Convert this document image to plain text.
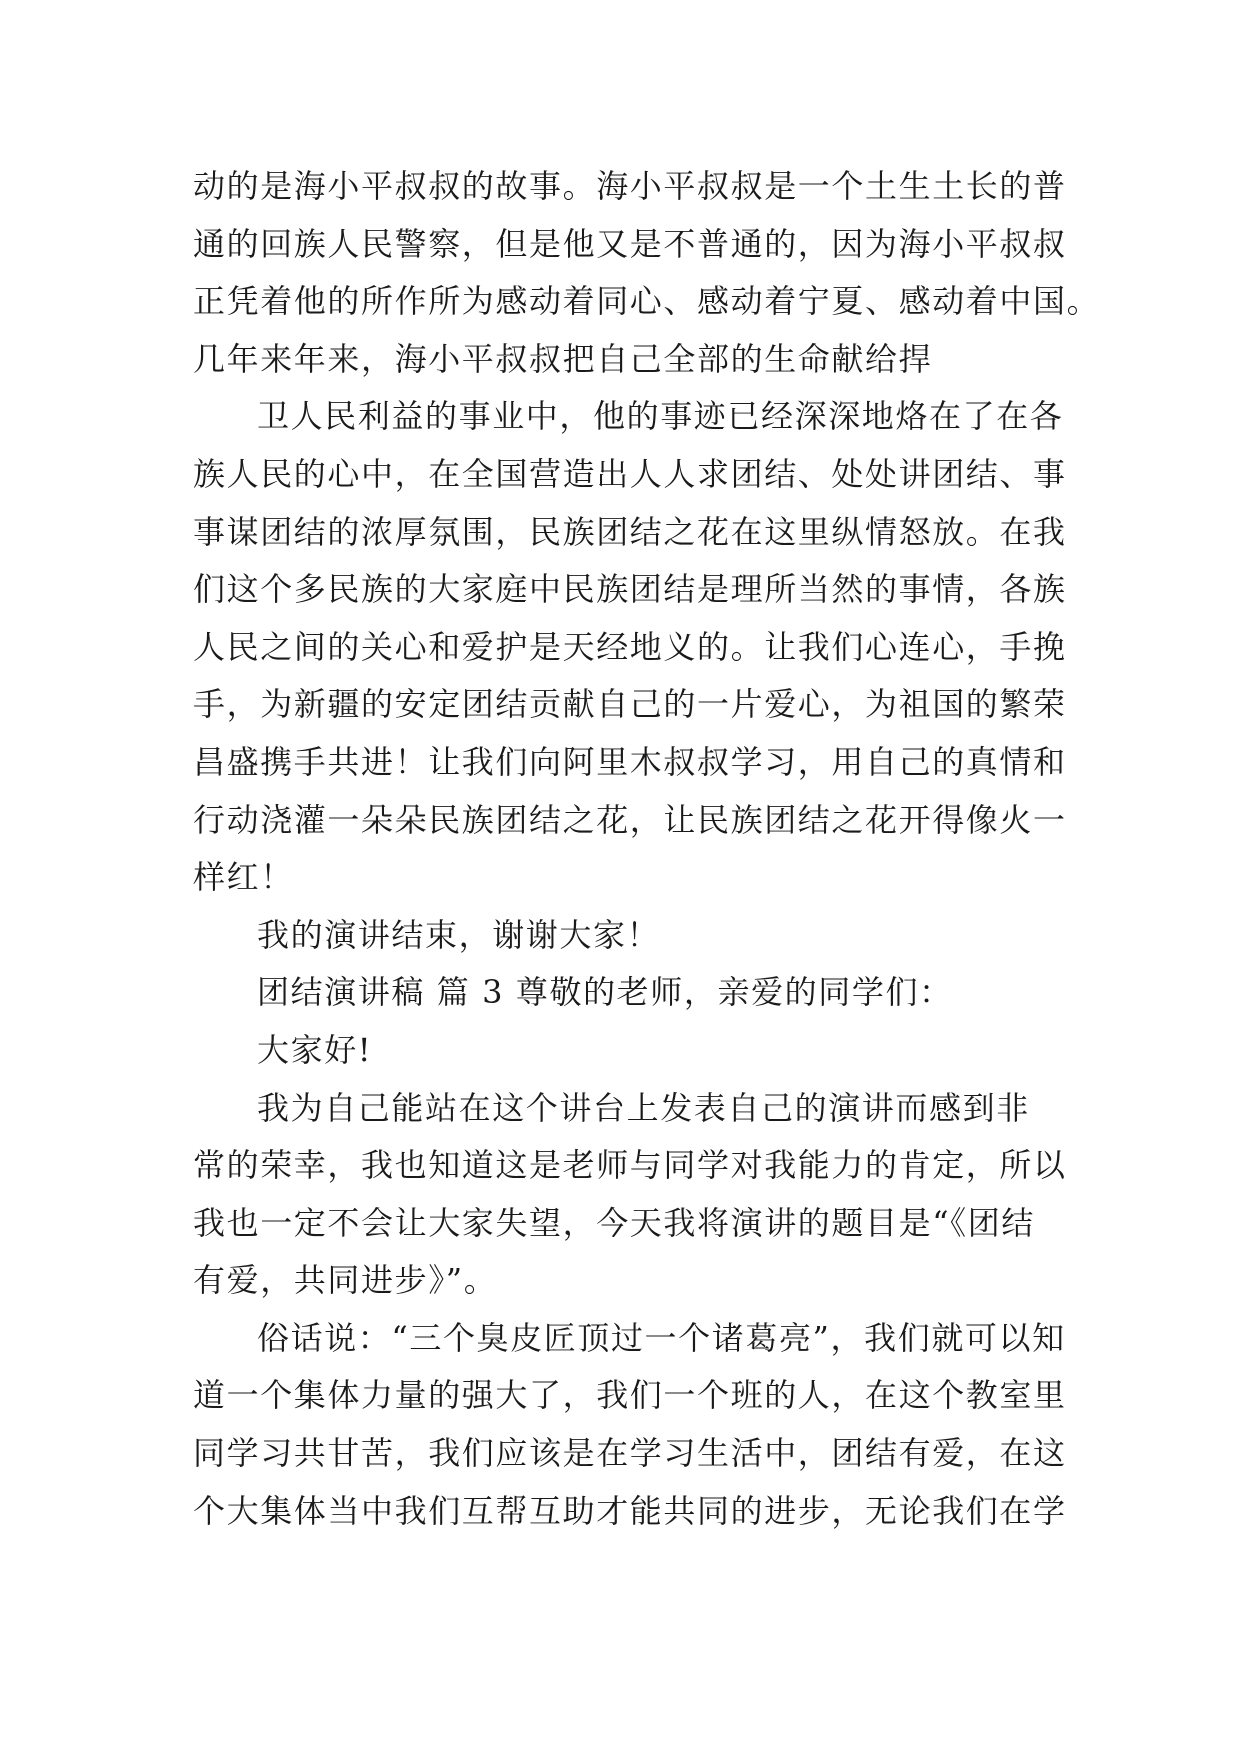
动的是海小平叔叔的故事。海小平叔叔是一个土生土长的普
通的回族人民警察，但是他又是不普通的，因为海小平叔叔
正凭着他的所作所为感动着同心、感动着宁夏、感动着中国。
几年来年来，海小平叔叔把自己全部的生命献给捍
卫人民利益的事业中，他的事迹已经深深地烙在了在各
族人民的心中，在全国营造出人人求团结、处处讲团结、事
事谋团结的浓厚氛围，民族团结之花在这里纵情怒放。在我
们这个多民族的大家庭中民族团结是理所当然的事情，各族
人民之间的关心和爱护是天经地义的。让我们心连心，手挽
手，为新疆的安定团结贡献自己的一片爱心，为祖国的繁荣
昌盛携手共进！让我们向阿里木叔叔学习，用自己的真情和
行动浇灌一朵朵民族团结之花，让民族团结之花开得像火一
样红！
我的演讲结束，谢谢大家！
团结演讲稿 篇 3 尊敬的老师，亲爱的同学们：
大家好!
我为自己能站在这个讲台上发表自己的演讲而感到非
常的荣幸，我也知道这是老师与同学对我能力的肯定，所以
我也一定不会让大家失望，今天我将演讲的题目是“《团结
有爱，共同进步》”。
俗话说：“三个臭皮匠顶过一个诸葛亮”，我们就可以知
道一个集体力量的强大了，我们一个班的人，在这个教室里
同学习共甘苦，我们应该是在学习生活中，团结有爱，在这
个大集体当中我们互帮互助才能共同的进步，无论我们在学
